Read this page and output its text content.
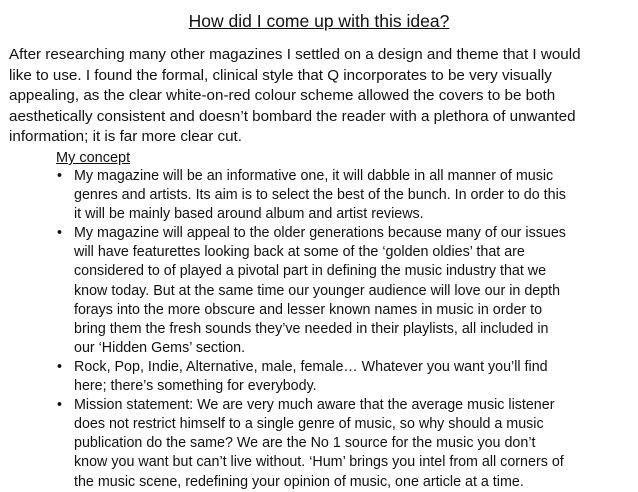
How did I come up with this idea?
After researching many other magazines I settled on a design and theme that I would
like to use. I found the formal, clinical style that Q incorporates to be very visually
appealing, as the clear white-on-red colour scheme allowed the covers to be both
aesthetically consistent and doesn’t bombard the reader with a plethora of unwanted
information; it is far more clear cut.
My concept
• My magazine will be an informative one, it will dabble in all manner of music
genres and artists. Its aim is to select the best of the bunch. In order to do this
it will be mainly based around album and artist reviews.
• My magazine will appeal to the older generations because many of our issues
will have featurettes looking back at some of the ‘golden oldies’ that are
considered to of played a pivotal part in defining the music industry that we
know today. But at the same time our younger audience will love our in depth
forays into the more obscure and lesser known names in music in order to
bring them the fresh sounds they’ve needed in their playlists, all included in
our ‘Hidden Gems’ section.
• Rock, Pop, Indie, Alternative, male, female… Whatever you want you’ll find
here; there’s something for everybody.
• Mission statement: We are very much aware that the average music listener
does not restrict himself to a single genre of music, so why should a music
publication do the same? We are the No 1 source for the music you don’t
know you want but can’t live without. ‘Hum’ brings you intel from all corners of
the music scene, redefining your opinion of music, one article at a time.
